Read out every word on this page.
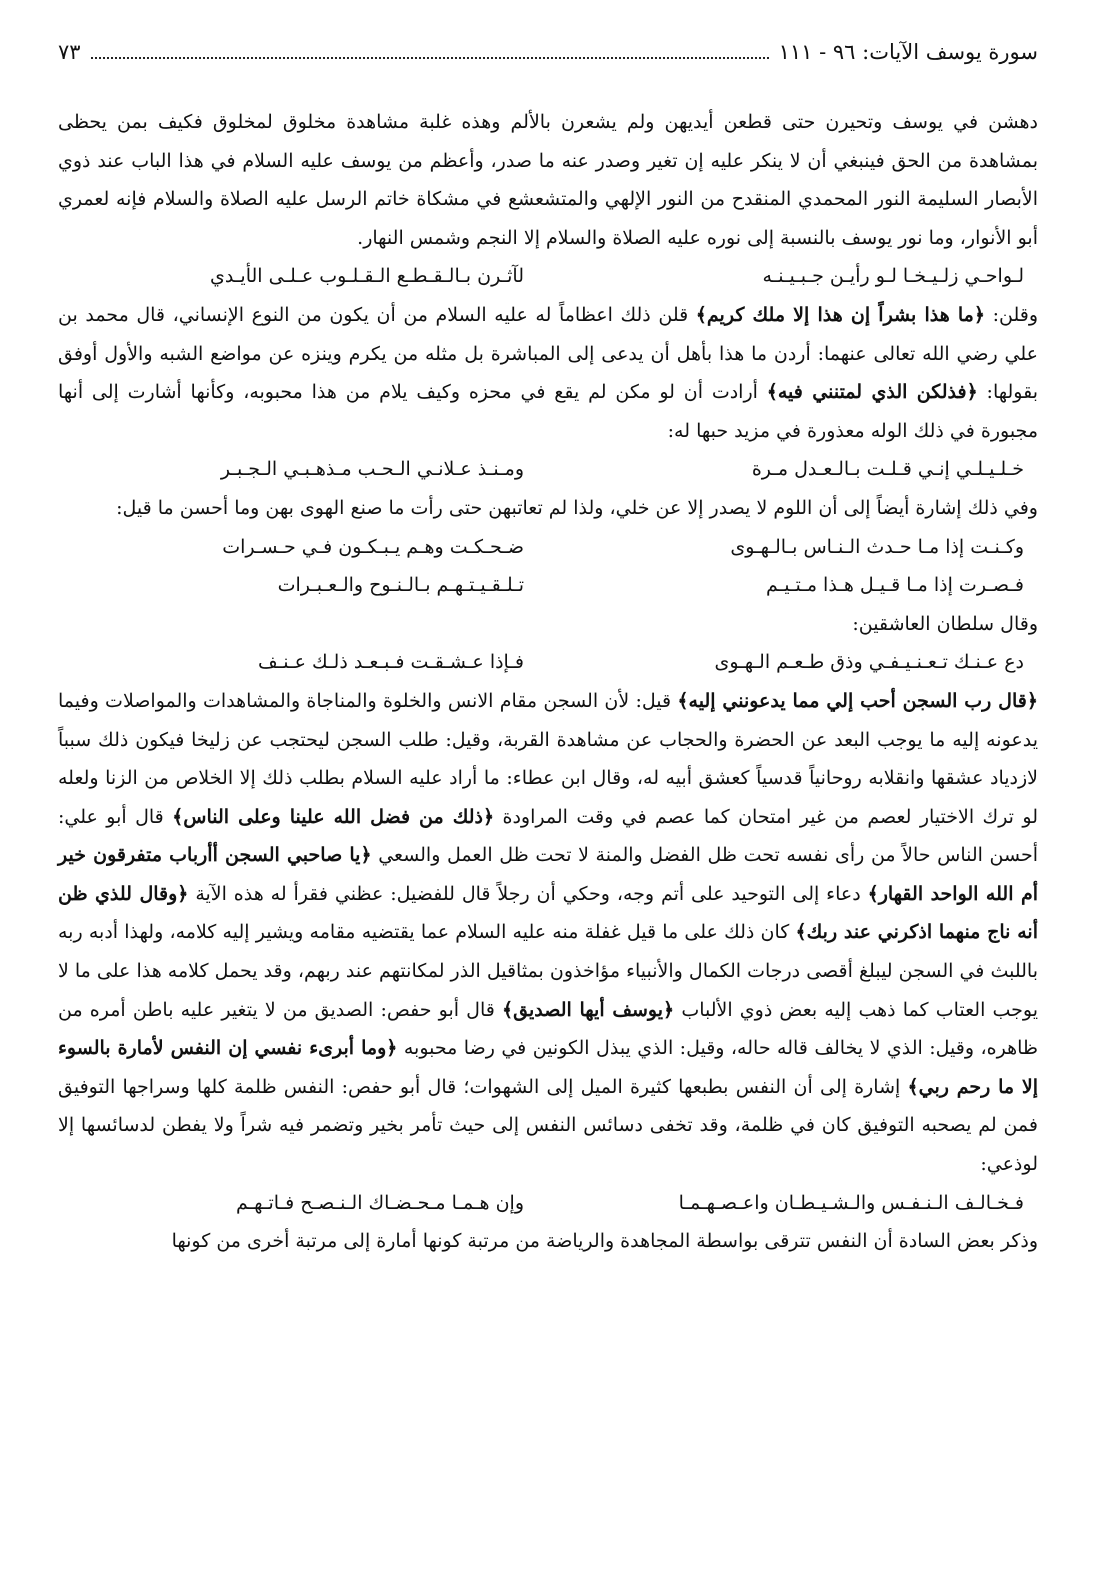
سورة يوسف الآيات: ٩٦ - ١١١
٧٣

دهشن في يوسف وتحيرن حتى قطعن أيديهن ولم يشعرن بالألم وهذه غلبة مشاهدة مخلوق لمخلوق فكيف بمن يحظى بمشاهدة من الحق فينبغي أن لا ينكر عليه إن تغير وصدر عنه ما صدر، وأعظم من يوسف عليه السلام في هذا الباب عند ذوي الأبصار السليمة النور المحمدي المنقدح من النور الإلهي والمتشعشع في مشكاة خاتم الرسل عليه الصلاة والسلام فإنه لعمري أبو الأنوار، وما نور يوسف بالنسبة إلى نوره عليه الصلاة والسلام إلا النجم وشمس النهار.

لـواحـي زلـيـخـا لـو رأيـن جـبـيـنـه
لآثـرن بـالـقـطـع الـقـلـوب عـلـى الأيـدي

وقلن: ﴿ما هذا بشراً إن هذا إلا ملك كريم﴾ قلن ذلك اعظاماً له عليه السلام من أن يكون من النوع الإنساني، قال محمد بن علي رضي الله تعالى عنهما: أردن ما هذا بأهل أن يدعى إلى المباشرة بل مثله من يكرم وينزه عن مواضع الشبه والأول أوفق بقولها: ﴿فذلكن الذي لمتنني فيه﴾ أرادت أن لو مكن لم يقع في محزه وكيف يلام من هذا محبوبه، وكأنها أشارت إلى أنها مجبورة في ذلك الوله معذورة في مزيد حبها له:

خـلـيـلـي إنـي قـلـت بـالـعـدل مـرة
ومـنـذ عـلانـي الـحـب مـذهـبـي الـجـبـر

وفي ذلك إشارة أيضاً إلى أن اللوم لا يصدر إلا عن خلي، ولذا لم تعاتبهن حتى رأت ما صنع الهوى بهن وما أحسن ما قيل:

وكـنـت إذا مـا حـدث الـنـاس بـالـهـوى
ضـحـكـت وهـم يـبـكـون فـي حـسـرات
فـصـرت إذا مـا قـيـل هـذا مـتـيـم
تـلـقـيـتـهـم بـالـنـوح والـعـبـرات

وقال سلطان العاشقين:

دع عـنـك تـعـنـيـفـي وذق طـعـم الـهـوى
فـإذا عـشـقـت فـبـعـد ذلـك عـنـف

﴿قال رب السجن أحب إلي مما يدعونني إليه﴾ قيل: لأن السجن مقام الانس والخلوة والمناجاة والمشاهدات والمواصلات وفيما يدعونه إليه ما يوجب البعد عن الحضرة والحجاب عن مشاهدة القربة، وقيل: طلب السجن ليحتجب عن زليخا فيكون ذلك سبباً لازدياد عشقها وانقلابه روحانياً قدسياً كعشق أبيه له، وقال ابن عطاء: ما أراد عليه السلام بطلب ذلك إلا الخلاص من الزنا ولعله لو ترك الاختيار لعصم من غير امتحان كما عصم في وقت المراودة ﴿ذلك من فضل الله علينا وعلى الناس﴾ قال أبو علي: أحسن الناس حالاً من رأى نفسه تحت ظل الفضل والمنة لا تحت ظل العمل والسعي ﴿يا صاحبي السجن أأرباب متفرقون خير أم الله الواحد القهار﴾ دعاء إلى التوحيد على أتم وجه، وحكي أن رجلاً قال للفضيل: عظني فقرأ له هذه الآية ﴿وقال للذي ظن أنه ناج منهما اذكرني عند ربك﴾ كان ذلك على ما قيل غفلة منه عليه السلام عما يقتضيه مقامه ويشير إليه كلامه، ولهذا أدبه ربه باللبث في السجن ليبلغ أقصى درجات الكمال والأنبياء مؤاخذون بمثاقيل الذر لمكانتهم عند ربهم، وقد يحمل كلامه هذا على ما لا يوجب العتاب كما ذهب إليه بعض ذوي الألباب ﴿يوسف أيها الصديق﴾ قال أبو حفص: الصديق من لا يتغير عليه باطن أمره من ظاهره، وقيل: الذي لا يخالف قاله حاله، وقيل: الذي يبذل الكونين في رضا محبوبه ﴿وما أبرىء نفسي إن النفس لأمارة بالسوء إلا ما رحم ربي﴾ إشارة إلى أن النفس بطبعها كثيرة الميل إلى الشهوات؛ قال أبو حفص: النفس ظلمة كلها وسراجها التوفيق فمن لم يصحبه التوفيق كان في ظلمة، وقد تخفى دسائس النفس إلى حيث تأمر بخير وتضمر فيه شراً ولا يفطن لدسائسها إلا لوذعي:

فـخـالـف الـنـفـس والـشـيـطـان واعـصـهـمـا
وإن هـمـا مـحـضـاك الـنـصـح فـاتـهـم

وذكر بعض السادة أن النفس تترقى بواسطة المجاهدة والرياضة من مرتبة كونها أمارة إلى مرتبة أخرى من كونها
